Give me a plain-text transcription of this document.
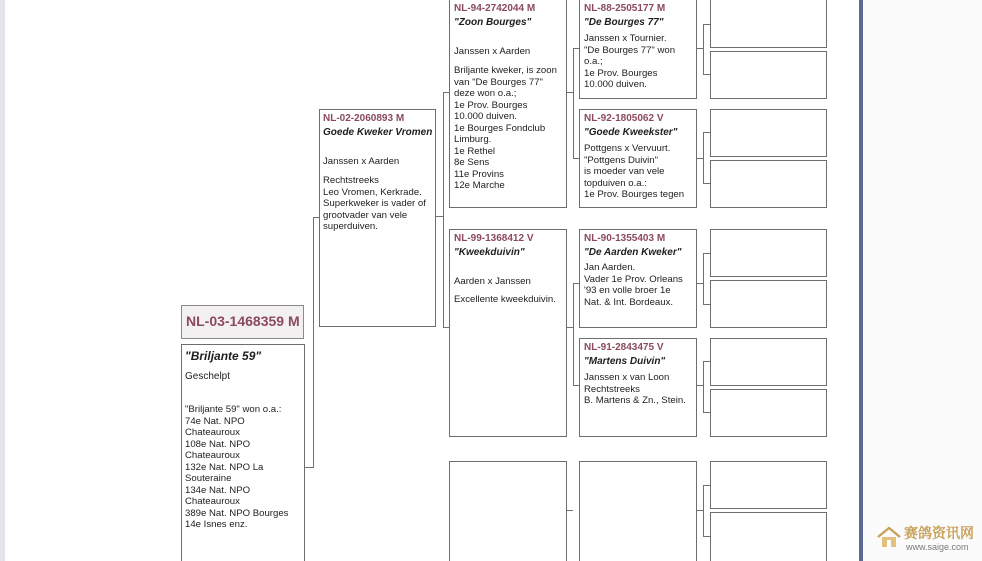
NL-03-1468359 M
"Briljante 59"
Geschelpt
"Briljante 59" won o.a.:
74e Nat. NPO
Chateauroux
108e Nat. NPO
Chateauroux
132e Nat. NPO La
Souteraine
134e Nat. NPO
Chateauroux
389e Nat. NPO Bourges
14e Isnes enz.
NL-02-2060893 M
Goede Kweker Vromen
Janssen x Aarden
Rechtstreeks
Leo Vromen, Kerkrade.
Superkweker is vader of
grootvader van vele
superduiven.
NL-94-2742044 M
"Zoon Bourges"
Janssen x Aarden
Briljante kweker, is zoon
van "De Bourges 77"
deze won o.a.;
1e Prov. Bourges
10.000 duiven.
1e Bourges Fondclub
Limburg.
1e Rethel
8e Sens
11e Provins
12e Marche
NL-99-1368412 V
"Kweekduivin"
Aarden x Janssen
Excellente kweekduivin.
NL-88-2505177 M
"De Bourges 77"
Janssen x Tournier.
"De Bourges 77" won
o.a.;
1e Prov. Bourges
10.000 duiven.
NL-92-1805062 V
"Goede Kweekster"
Pottgens x Vervuurt.
"Pottgens Duivin"
is moeder van vele
topduiven o.a.:
1e Prov. Bourges tegen
NL-90-1355403 M
"De Aarden Kweker"
Jan Aarden.
Vader 1e Prov. Orleans
'93 en volle broer 1e
Nat. & Int. Bordeaux.
NL-91-2843475 V
"Martens Duivin"
Janssen x van Loon
Rechtstreeks
B. Martens & Zn., Stein.
赛鸽资讯网
www.saige.com
